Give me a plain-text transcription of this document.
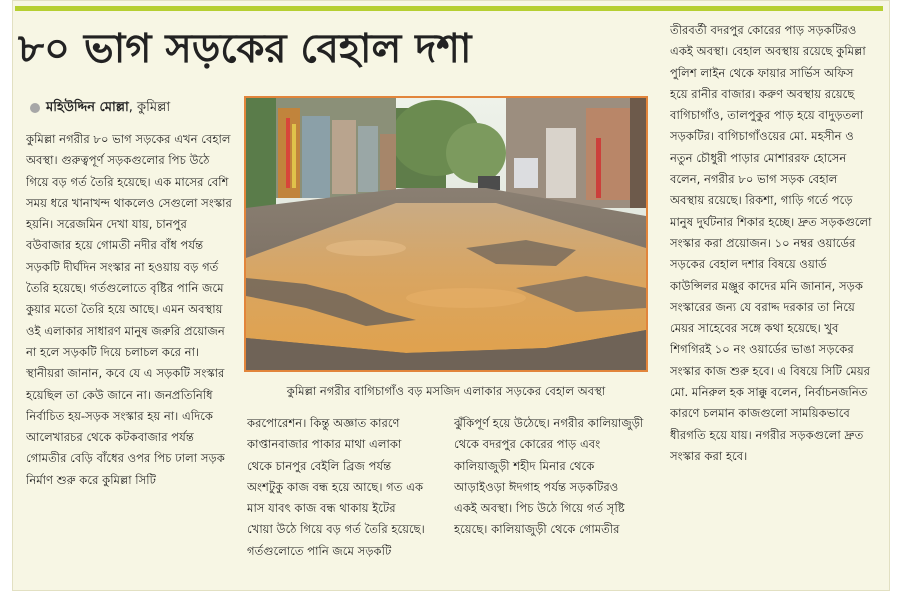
৮০ ভাগ সড়কের বেহাল দশা
মহিউদ্দিন মোল্লা, কুমিল্লা

কুমিল্লা নগরীর ৮০ ভাগ সড়কের এখন বেহাল অবস্থা। গুরুত্বপূর্ণ সড়কগুলোর পিচ উঠে গিয়ে বড় গর্ত তৈরি হয়েছে। এক মাসের বেশি সময় ধরে খানাখন্দ থাকলেও সেগুলো সংস্কার হয়নি। সরেজমিন দেখা যায়, চানপুর বউবাজার হয়ে গোমতী নদীর বাঁধ পর্যন্ত সড়কটি দীর্ঘদিন সংস্কার না হওয়ায় বড় গর্ত তৈরি হয়েছে। গর্তগুলোতে বৃষ্টির পানি জমে কুয়ার মতো তৈরি হয়ে আছে। এমন অবস্থায় ওই এলাকার সাধারণ মানুষ জরুরি প্রয়োজন না হলে সড়কটি দিয়ে চলাচল করে না। স্থানীয়রা জানান, কবে যে এ সড়কটি সংস্কার হয়েছিল তা কেউ জানে না। জনপ্রতিনিধি নির্বাচিত হয়-সড়ক সংস্কার হয় না। এদিকে আলেখারচর থেকে কটকবাজার পর্যন্ত গোমতীর বেড়ি বাঁধের ওপর পিচ ঢালা সড়ক নির্মাণ শুরু করে কুমিল্লা সিটি

কুমিল্লা নগরীর বাগিচাগাঁও বড় মসজিদ এলাকার সড়কের বেহাল অবস্থা

করপোরেশন। কিন্তু অজ্ঞাত কারণে কাপ্তানবাজার পাকার মাথা এলাকা থেকে চানপুর বেইলি ব্রিজ পর্যন্ত অংশটুকু কাজ বন্ধ হয়ে আছে। গত এক মাস যাবৎ কাজ বন্ধ থাকায় ইটের খোয়া উঠে গিয়ে বড় গর্ত তৈরি হয়েছে। গর্তগুলোতে পানি জমে সড়কটি

ঝুঁকিপূর্ণ হয়ে উঠেছে। নগরীর কালিয়াজুড়ী থেকে বদরপুর কোরের পাড় এবং কালিয়াজুড়ী শহীদ মিনার থেকে আড়াইওড়া ঈদগাহ পর্যন্ত সড়কটিরও একই অবস্থা। পিচ উঠে গিয়ে গর্ত সৃষ্টি হয়েছে। কালিয়াজুড়ী থেকে গোমতীর

তীরবর্তী বদরপুর কোরের পাড় সড়কটিরও একই অবস্থা। বেহাল অবস্থায় রয়েছে কুমিল্লা পুলিশ লাইন থেকে ফায়ার সার্ভিস অফিস হয়ে রানীর বাজার। করুণ অবস্থায় রয়েছে বাগিচাগাঁও, তালপুকুর পাড় হয়ে বাদুড়তলা সড়কটির। বাগিচাগাঁওয়ের মো. মহসীন ও নতুন চৌধুরী পাড়ার মোশাররফ হোসেন বলেন, নগরীর ৮০ ভাগ সড়ক বেহাল অবস্থায় রয়েছে। রিকশা, গাড়ি গর্তে পড়ে মানুষ দুর্ঘটনার শিকার হচ্ছে। দ্রুত সড়কগুলো সংস্কার করা প্রয়োজন। ১০ নম্বর ওয়ার্ডের সড়কের বেহাল দশার বিষয়ে ওয়ার্ড কাউন্সিলর মঞ্জুর কাদের মনি জানান, সড়ক সংস্কারের জন্য যে বরাদ্দ দরকার তা নিয়ে মেয়র সাহেবের সঙ্গে কথা হয়েছে। খুব শিগগিরই ১০ নং ওয়ার্ডের ভাঙা সড়কের সংস্কার কাজ শুরু হবে। এ বিষয়ে সিটি মেয়র মো. মনিরুল হক সাক্কু বলেন, নির্বাচনজনিত কারণে চলমান কাজগুলো সাময়িকভাবে ধীরগতি হয়ে যায়। নগরীর সড়কগুলো দ্রুত সংস্কার করা হবে।
